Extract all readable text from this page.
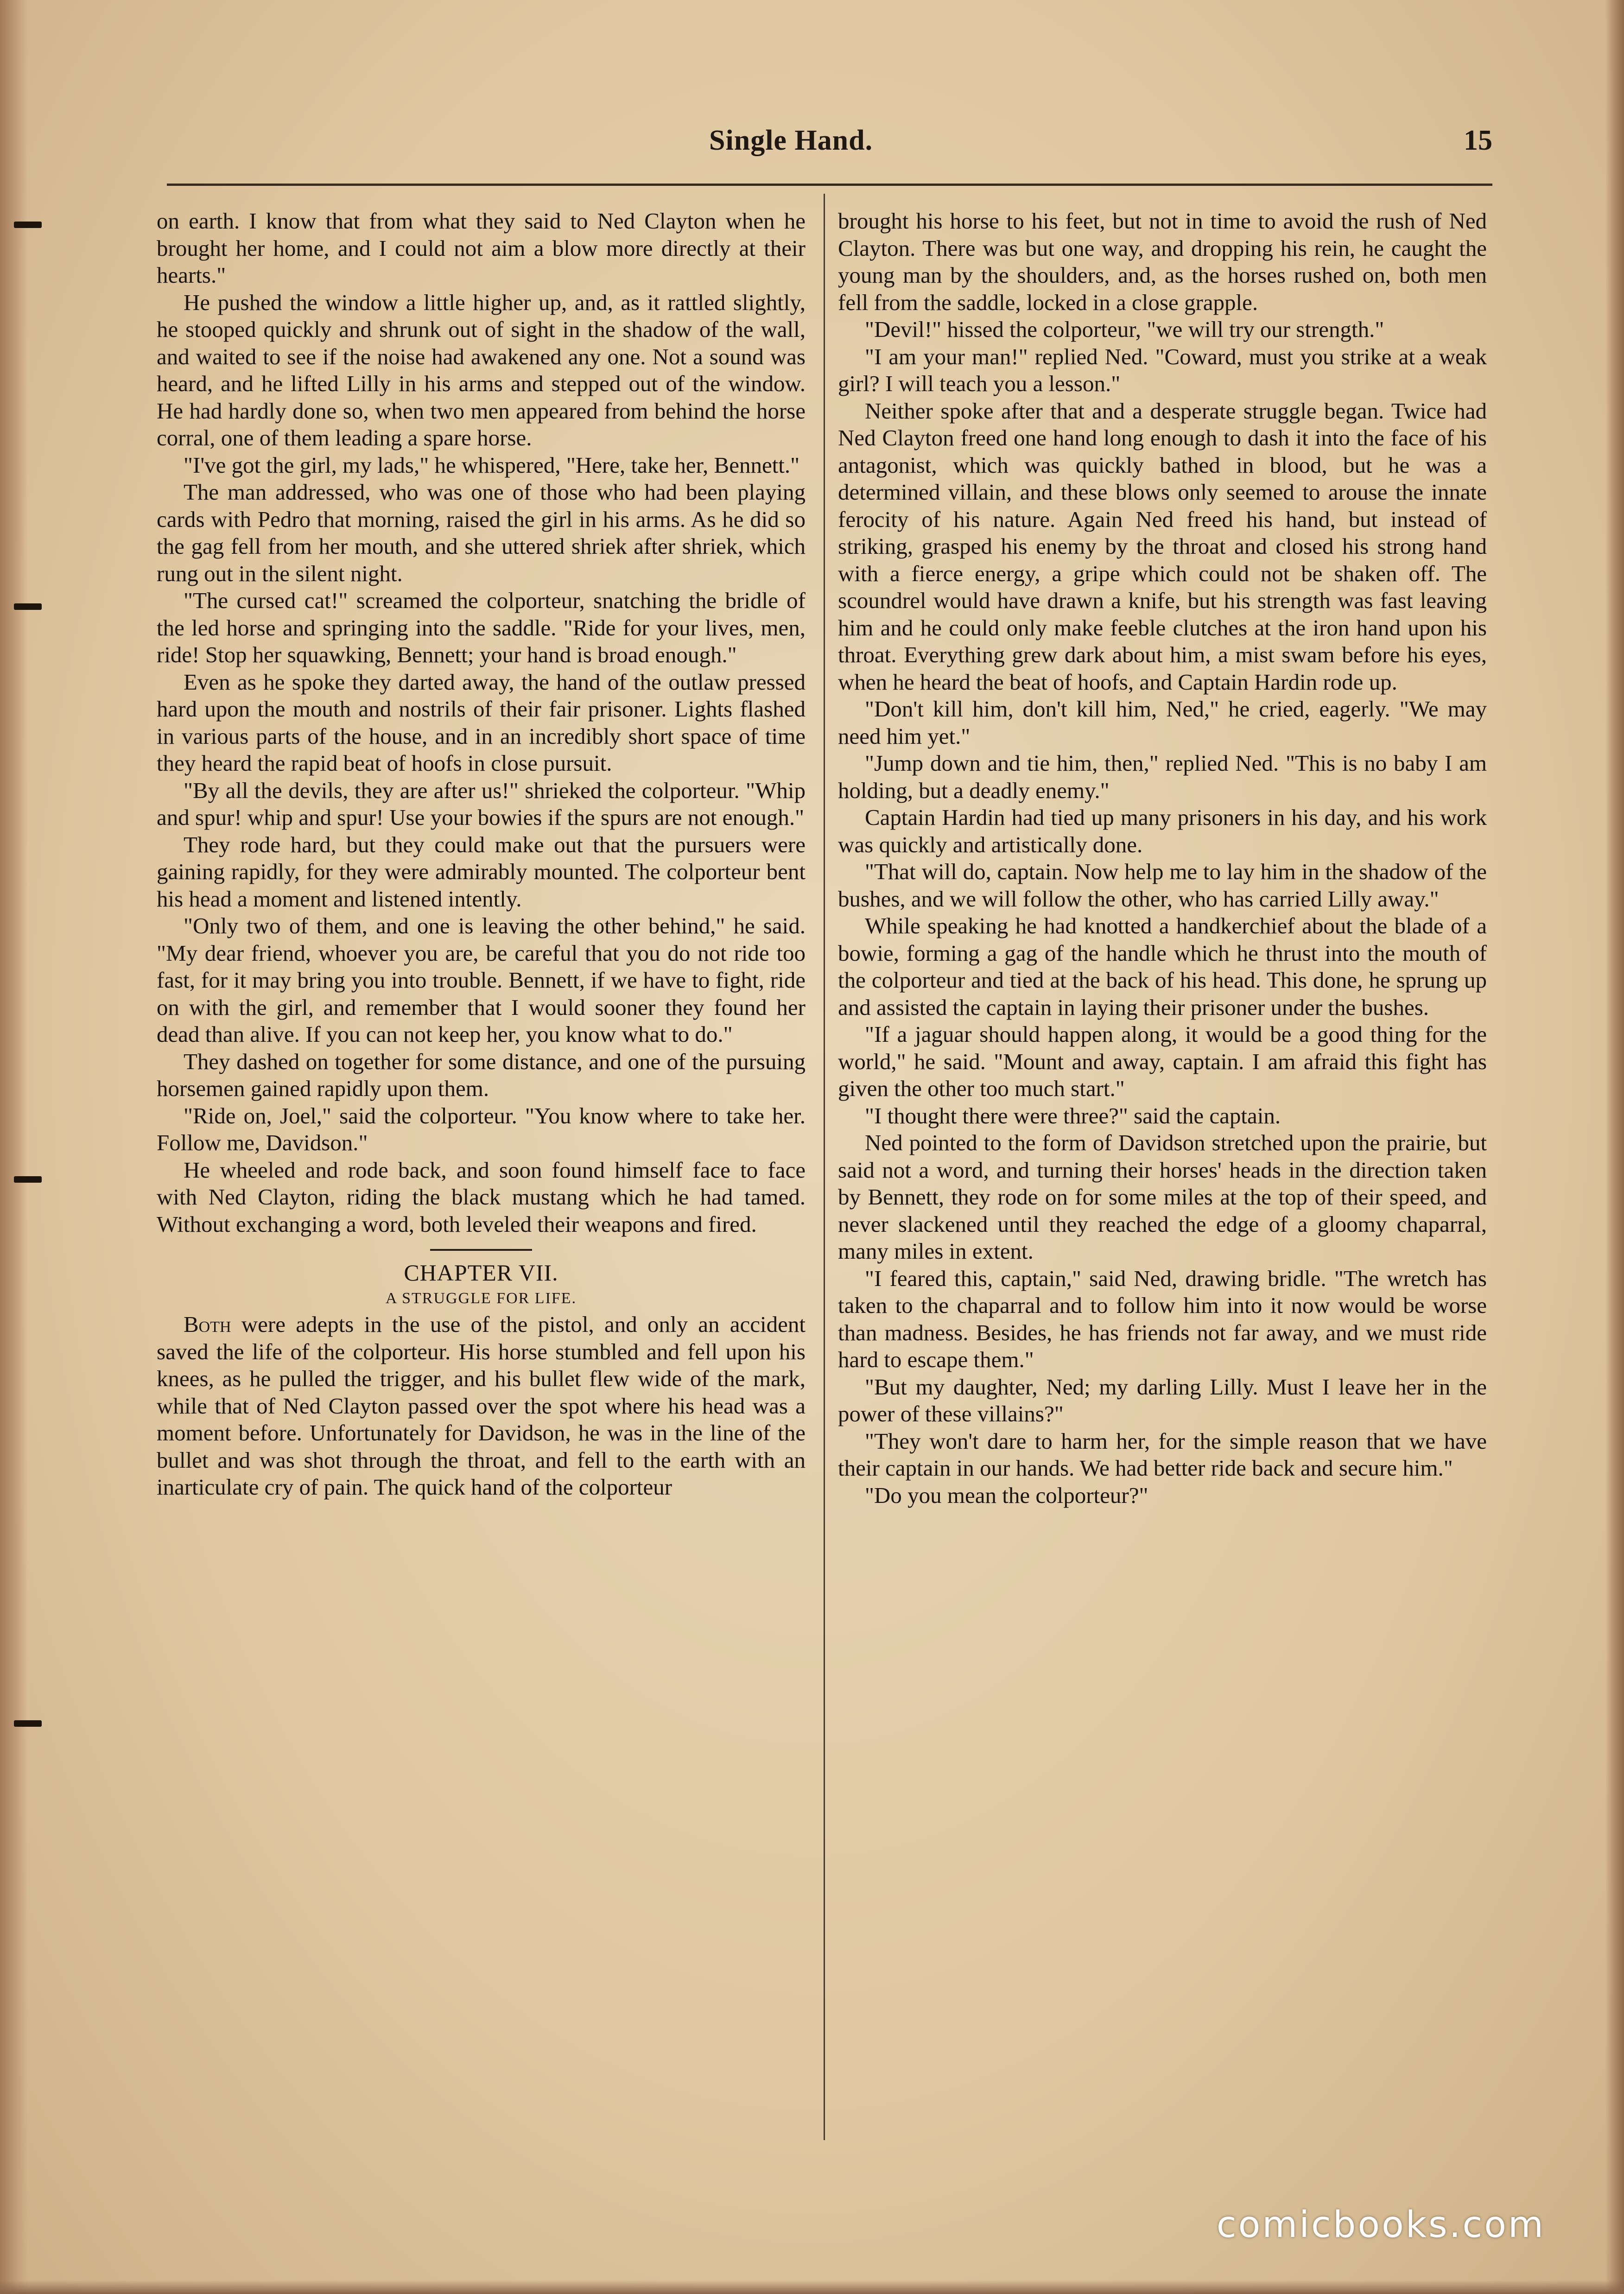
Single Hand.	15

on earth. I know that from what they said to Ned Clayton when he brought her home, and I could not aim a blow more directly at their hearts."

He pushed the window a little higher up, and, as it rattled slightly, he stooped quickly and shrunk out of sight in the shadow of the wall, and waited to see if the noise had awakened any one. Not a sound was heard, and he lifted Lilly in his arms and stepped out of the window. He had hardly done so, when two men appeared from behind the horse corral, one of them leading a spare horse.

"I've got the girl, my lads," he whispered, "Here, take her, Bennett."

The man addressed, who was one of those who had been playing cards with Pedro that morning, raised the girl in his arms. As he did so the gag fell from her mouth, and she uttered shriek after shriek, which rung out in the silent night.

"The cursed cat!" screamed the colporteur, snatching the bridle of the led horse and springing into the saddle. "Ride for your lives, men, ride! Stop her squawking, Bennett; your hand is broad enough."

Even as he spoke they darted away, the hand of the outlaw pressed hard upon the mouth and nostrils of their fair prisoner. Lights flashed in various parts of the house, and in an incredibly short space of time they heard the rapid beat of hoofs in close pursuit.

"By all the devils, they are after us!" shrieked the colporteur. "Whip and spur! whip and spur! Use your bowies if the spurs are not enough."

They rode hard, but they could make out that the pursuers were gaining rapidly, for they were admirably mounted. The colporteur bent his head a moment and listened intently.

"Only two of them, and one is leaving the other behind," he said. "My dear friend, whoever you are, be careful that you do not ride too fast, for it may bring you into trouble. Bennett, if we have to fight, ride on with the girl, and remember that I would sooner they found her dead than alive. If you can not keep her, you know what to do."

They dashed on together for some distance, and one of the pursuing horsemen gained rapidly upon them.

"Ride on, Joel," said the colporteur. "You know where to take her. Follow me, Davidson."

He wheeled and rode back, and soon found himself face to face with Ned Clayton, riding the black mustang which he had tamed. Without exchanging a word, both leveled their weapons and fired.

CHAPTER VII.
A STRUGGLE FOR LIFE.

Both were adepts in the use of the pistol, and only an accident saved the life of the colporteur. His horse stumbled and fell upon his knees, as he pulled the trigger, and his bullet flew wide of the mark, while that of Ned Clayton passed over the spot where his head was a moment before. Unfortunately for Davidson, he was in the line of the bullet and was shot through the throat, and fell to the earth with an inarticulate cry of pain. The quick hand of the colporteur

brought his horse to his feet, but not in time to avoid the rush of Ned Clayton. There was but one way, and dropping his rein, he caught the young man by the shoulders, and, as the horses rushed on, both men fell from the saddle, locked in a close grapple.

"Devil!" hissed the colporteur, "we will try our strength."

"I am your man!" replied Ned. "Coward, must you strike at a weak girl? I will teach you a lesson."

Neither spoke after that and a desperate struggle began. Twice had Ned Clayton freed one hand long enough to dash it into the face of his antagonist, which was quickly bathed in blood, but he was a determined villain, and these blows only seemed to arouse the innate ferocity of his nature. Again Ned freed his hand, but instead of striking, grasped his enemy by the throat and closed his strong hand with a fierce energy, a gripe which could not be shaken off. The scoundrel would have drawn a knife, but his strength was fast leaving him and he could only make feeble clutches at the iron hand upon his throat. Everything grew dark about him, a mist swam before his eyes, when he heard the beat of hoofs, and Captain Hardin rode up.

"Don't kill him, don't kill him, Ned," he cried, eagerly. "We may need him yet."

"Jump down and tie him, then," replied Ned. "This is no baby I am holding, but a deadly enemy."

Captain Hardin had tied up many prisoners in his day, and his work was quickly and artistically done.

"That will do, captain. Now help me to lay him in the shadow of the bushes, and we will follow the other, who has carried Lilly away."

While speaking he had knotted a handkerchief about the blade of a bowie, forming a gag of the handle which he thrust into the mouth of the colporteur and tied at the back of his head. This done, he sprung up and assisted the captain in laying their prisoner under the bushes.

"If a jaguar should happen along, it would be a good thing for the world," he said. "Mount and away, captain. I am afraid this fight has given the other too much start."

"I thought there were three?" said the captain.

Ned pointed to the form of Davidson stretched upon the prairie, but said not a word, and turning their horses' heads in the direction taken by Bennett, they rode on for some miles at the top of their speed, and never slackened until they reached the edge of a gloomy chaparral, many miles in extent.

"I feared this, captain," said Ned, drawing bridle. "The wretch has taken to the chaparral and to follow him into it now would be worse than madness. Besides, he has friends not far away, and we must ride hard to escape them."

"But my daughter, Ned; my darling Lilly. Must I leave her in the power of these villains?"

"They won't dare to harm her, for the simple reason that we have their captain in our hands. We had better ride back and secure him."

"Do you mean the colporteur?"

comicbooks.com
